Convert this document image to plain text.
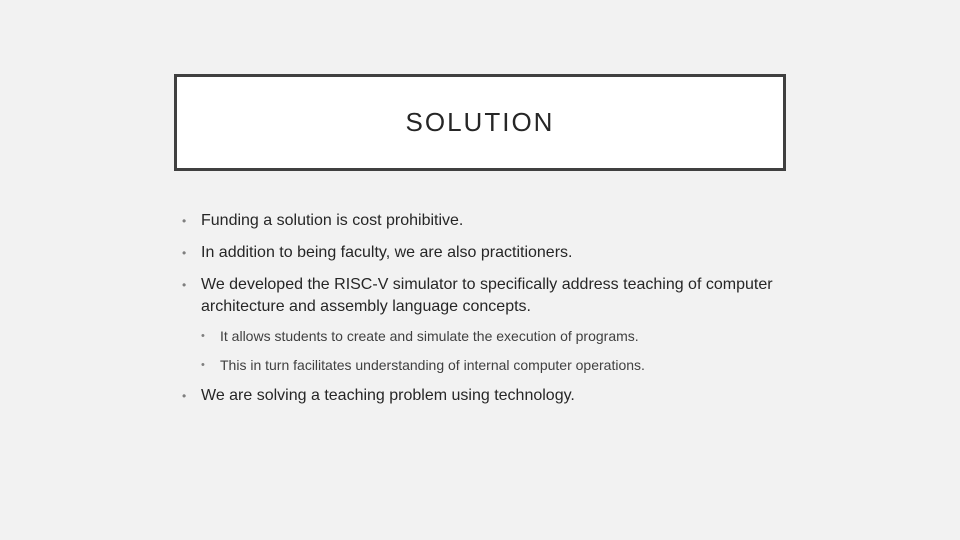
SOLUTION
• Funding a solution is cost prohibitive.
• In addition to being faculty, we are also practitioners.
• We developed the RISC-V simulator to specifically address teaching of computer architecture and assembly language concepts.
• It allows students to create and simulate the execution of programs.
• This in turn facilitates understanding of internal computer operations.
• We are solving a teaching problem using technology.
